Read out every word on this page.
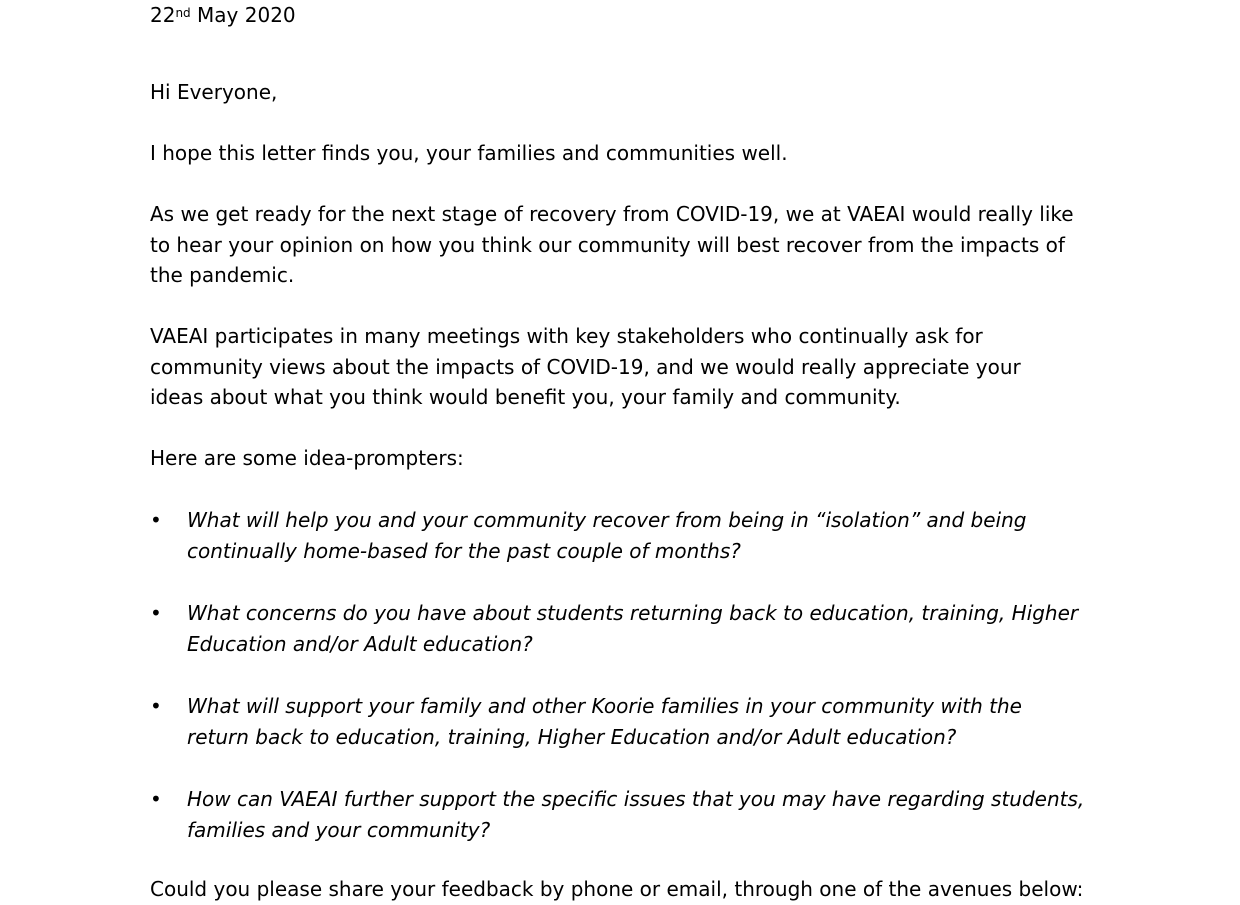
22nd May 2020
Hi Everyone,
I hope this letter finds you, your families and communities well.
As we get ready for the next stage of recovery from COVID-19, we at VAEAI would really like
to hear your opinion on how you think our community will best recover from the impacts of
the pandemic.
VAEAI participates in many meetings with key stakeholders who continually ask for
community views about the impacts of COVID-19, and we would really appreciate your
ideas about what you think would benefit you, your family and community.
Here are some idea-prompters:
•	What will help you and your community recover from being in “isolation” and being
continually home-based for the past couple of months?
•	What concerns do you have about students returning back to education, training, Higher
Education and/or Adult education?
•	What will support your family and other Koorie families in your community with the
return back to education, training, Higher Education and/or Adult education?
•	How can VAEAI further support the specific issues that you may have regarding students,
families and your community?
Could you please share your feedback by phone or email, through one of the avenues below:
